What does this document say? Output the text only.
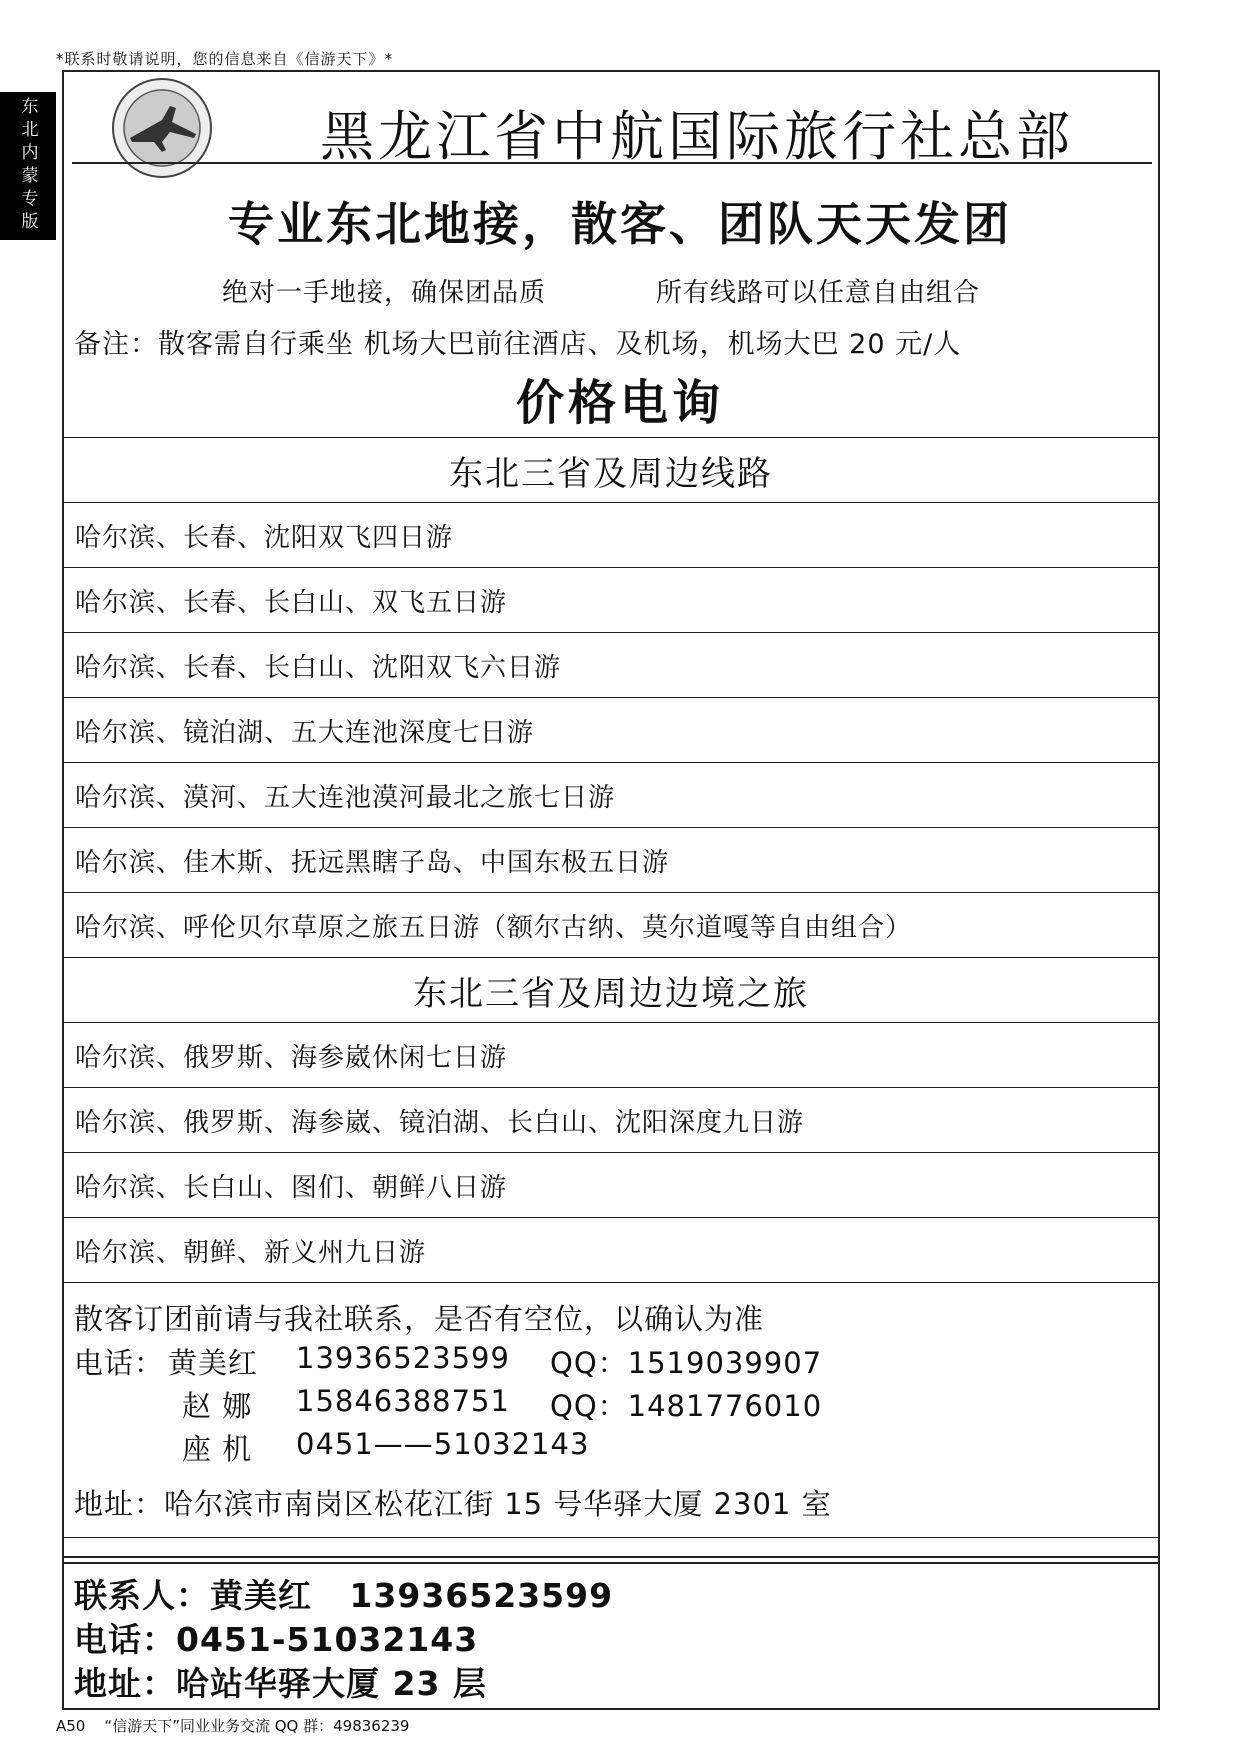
*联系时敬请说明，您的信息来自《信游天下》*
东北内蒙专版	黑龙江省中航国际旅行社总部
专业东北地接，散客、团队天天发团
绝对一手地接，确保团品质	所有线路可以任意自由组合
备注：散客需自行乘坐 机场大巴前往酒店、及机场，机场大巴 20 元/人
价格电询
东北三省及周边线路
哈尔滨、长春、沈阳双飞四日游
哈尔滨、长春、长白山、双飞五日游
哈尔滨、长春、长白山、沈阳双飞六日游
哈尔滨、镜泊湖、五大连池深度七日游
哈尔滨、漠河、五大连池漠河最北之旅七日游
哈尔滨、佳木斯、抚远黑瞎子岛、中国东极五日游
哈尔滨、呼伦贝尔草原之旅五日游（额尔古纳、莫尔道嘎等自由组合）
东北三省及周边边境之旅
哈尔滨、俄罗斯、海参崴休闲七日游
哈尔滨、俄罗斯、海参崴、镜泊湖、长白山、沈阳深度九日游
哈尔滨、长白山、图们、朝鲜八日游
哈尔滨、朝鲜、新义州九日游
散客订团前请与我社联系，是否有空位，以确认为准
电话： 黄美红 13936523599 QQ：1519039907
赵 娜 15846388751 QQ：1481776010
座 机 0451——51032143
地址：哈尔滨市南岗区松花江街 15 号华驿大厦 2301 室
联系人：黄美红   13936523599
电话：0451-51032143
地址：哈站华驿大厦 23 层
A50    “信游天下”同业业务交流 QQ 群：49836239
